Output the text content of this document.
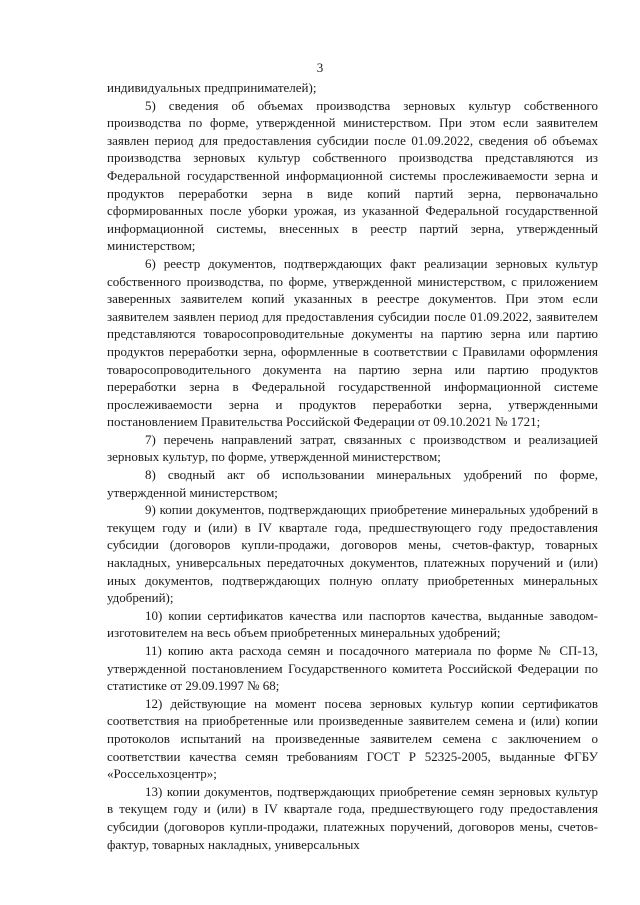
3

индивидуальных предпринимателей);

5) сведения об объемах производства зерновых культур собственного производства по форме, утвержденной министерством. При этом если заявителем заявлен период для предоставления субсидии после 01.09.2022, сведения об объемах производства зерновых культур собственного производства представляются из Федеральной государственной информационной системы прослеживаемости зерна и продуктов переработки зерна в виде копий партий зерна, первоначально сформированных после уборки урожая, из указанной Федеральной государственной информационной системы, внесенных в реестр партий зерна, утвержденный министерством;

6) реестр документов, подтверждающих факт реализации зерновых культур собственного производства, по форме, утвержденной министерством, с приложением заверенных заявителем копий указанных в реестре документов. При этом если заявителем заявлен период для предоставления субсидии после 01.09.2022, заявителем представляются товаросопроводительные документы на партию зерна или партию продуктов переработки зерна, оформленные в соответствии с Правилами оформления товаросопроводительного документа на партию зерна или партию продуктов переработки зерна в Федеральной государственной информационной системе прослеживаемости зерна и продуктов переработки зерна, утвержденными постановлением Правительства Российской Федерации от 09.10.2021 № 1721;

7) перечень направлений затрат, связанных с производством и реализацией зерновых культур, по форме, утвержденной министерством;

8) сводный акт об использовании минеральных удобрений по форме, утвержденной министерством;

9) копии документов, подтверждающих приобретение минеральных удобрений в текущем году и (или) в IV квартале года, предшествующего году предоставления субсидии (договоров купли-продажи, договоров мены, счетов-фактур, товарных накладных, универсальных передаточных документов, платежных поручений и (или) иных документов, подтверждающих полную оплату приобретенных минеральных удобрений);

10) копии сертификатов качества или паспортов качества, выданные заводом-изготовителем на весь объем приобретенных минеральных удобрений;

11) копию акта расхода семян и посадочного материала по форме № СП-13, утвержденной постановлением Государственного комитета Российской Федерации по статистике от 29.09.1997 № 68;

12) действующие на момент посева зерновых культур копии сертификатов соответствия на приобретенные или произведенные заявителем семена и (или) копии протоколов испытаний на произведенные заявителем семена с заключением о соответствии качества семян требованиям ГОСТ Р 52325-2005, выданные ФГБУ «Россельхозцентр»;

13) копии документов, подтверждающих приобретение семян зерновых культур в текущем году и (или) в IV квартале года, предшествующего году предоставления субсидии (договоров купли-продажи, платежных поручений, договоров мены, счетов-фактур, товарных накладных, универсальных
